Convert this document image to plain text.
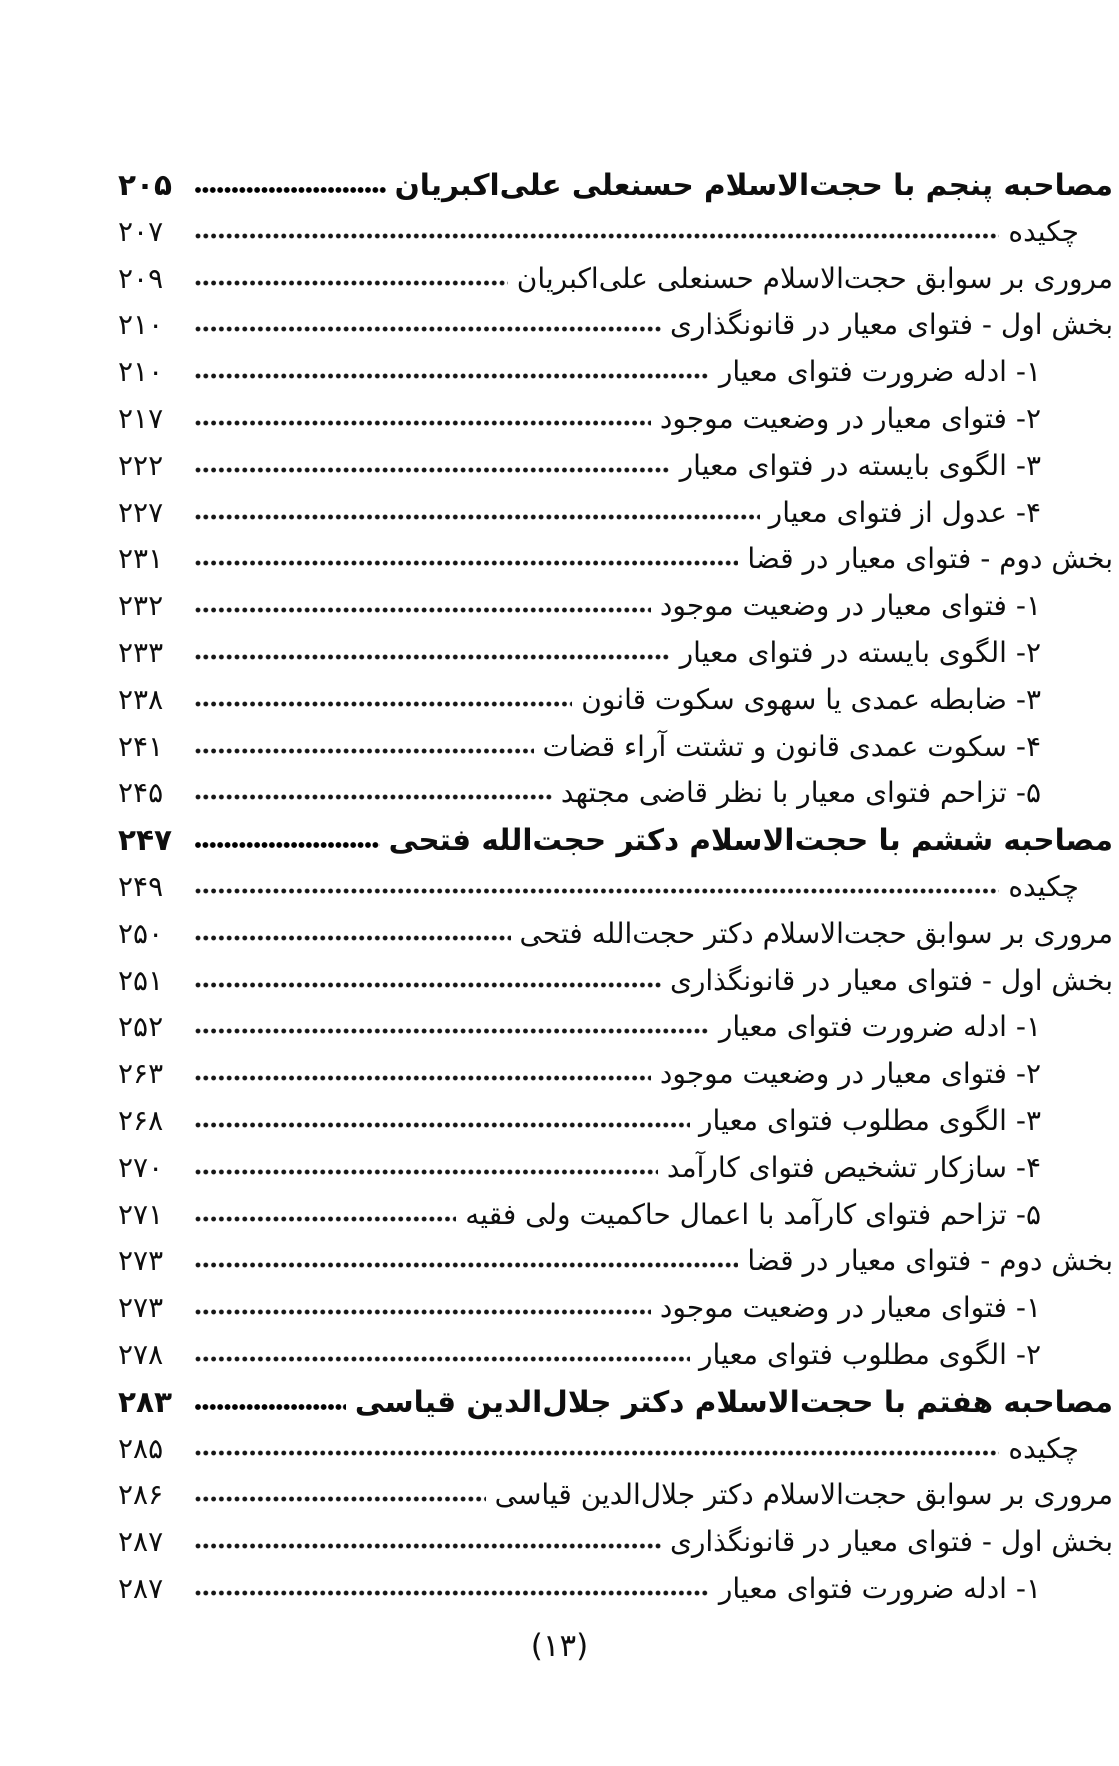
مصاحبه پنجم با حجت‌الاسلام حسنعلی علی‌اکبریان
۲۰۵
چکیده
۲۰۷
مروری بر سوابق حجت‌الاسلام حسنعلی علی‌اکبریان
۲۰۹
بخش اول - فتوای معیار در قانونگذاری
۲۱۰
۱- ادله ضرورت فتوای معیار
۲۱۰
۲- فتوای معیار در وضعیت موجود
۲۱۷
۳- الگوی بایسته در فتوای معیار
۲۲۲
۴- عدول از فتوای معیار
۲۲۷
بخش دوم - فتوای معیار در قضا
۲۳۱
۱- فتوای معیار در وضعیت موجود
۲۳۲
۲- الگوی بایسته در فتوای معیار
۲۳۳
۳- ضابطه عمدی یا سهوی سکوت قانون
۲۳۸
۴- سکوت عمدی قانون و تشتت آراء قضات
۲۴۱
۵- تزاحم فتوای معیار با نظر قاضی مجتهد
۲۴۵
مصاحبه ششم با حجت‌الاسلام دکتر حجت‌الله فتحی
۲۴۷
چکیده
۲۴۹
مروری بر سوابق حجت‌الاسلام دکتر حجت‌الله فتحی
۲۵۰
بخش اول - فتوای معیار در قانونگذاری
۲۵۱
۱- ادله ضرورت فتوای معیار
۲۵۲
۲- فتوای معیار در وضعیت موجود
۲۶۳
۳- الگوی مطلوب فتوای معیار
۲۶۸
۴- سازکار تشخیص فتوای کارآمد
۲۷۰
۵- تزاحم فتوای کارآمد با اعمال حاکمیت ولی فقیه
۲۷۱
بخش دوم - فتوای معیار در قضا
۲۷۳
۱- فتوای معیار در وضعیت موجود
۲۷۳
۲- الگوی مطلوب فتوای معیار
۲۷۸
مصاحبه هفتم با حجت‌الاسلام دکتر جلال‌الدین قیاسی
۲۸۳
چکیده
۲۸۵
مروری بر سوابق حجت‌الاسلام دکتر جلال‌الدین قیاسی
۲۸۶
بخش اول - فتوای معیار در قانونگذاری
۲۸۷
۱- ادله ضرورت فتوای معیار
۲۸۷
(۱۳)
